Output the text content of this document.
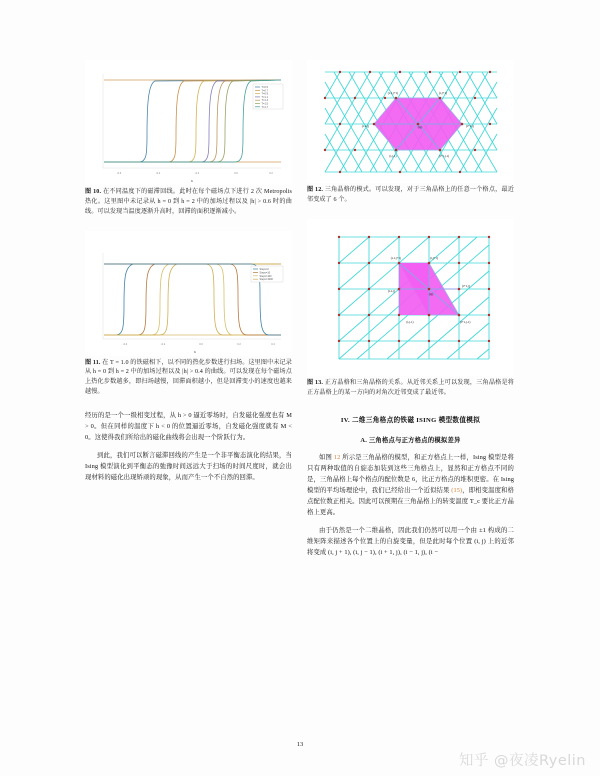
-0.6	-0.4	-0.2	0.0	0.2
h
T=0.5
T=0.7
T=0.9
T=1.1
T=1.3
T=1.5
T=1.7
图 10. 在不同温度下的磁滞回线。此时在每个磁场点下进行 2 次 Metropolis 热化。这里图中未记录从 h = 0 到 h = 2 中的加场过程以及 |h| > 0.6 时的曲线。可以发现当温度逐渐升高时，回滞的面积逐渐减小。
-0.4	-0.2	0.0	0.2	0.4
h
Steps=2
Steps=10
Steps=100
Steps=1000
图 11. 在 T = 1.0 的铁磁相下，以不同的热化步数进行扫场。这里图中未记录从 h = 0 到 h = 2 中的加场过程以及 |h| > 0.4 的曲线。可以发现在每个磁场点上热化步数越多，即扫场越慢，回滞面积越小，但是回滞变小的速度也越来越慢。

经历的是一个一级相变过程，从 h > 0 逼近零场时，自发磁化强度也有 M > 0。但在同样的温度下 h < 0 的位置逼近零场，自发磁化强度就有 M < 0。这使得我们所给出的磁化曲线将会出现一个阶跃行为。

到此，我们可以断言磁滞回线的产生是一个非平衡态演化的结果，当 Ising 模型演化到平衡态的弛豫时间远远大于扫场的时间尺度时，就会出现材料的磁化出现矫顽的现象，从而产生一个不自然的回滞。

(i-1,j+1)	(i,j+1)
(i-1,j)	(i,j)	(i+1,j)
(i,j-1)	(i+1,j-1)
图 12. 三角晶格的模式。可以发现，对于三角晶格上的任意一个格点，最近邻变成了 6 个。
(i-1,j+1)	(i,j+1)
(i-1,j)
(i,j)
(i+1,j)
(i,j-1)	(i+1,j-1)
图 13. 正方晶格和三角晶格的关系。从近邻关系上可以发现，三角晶格是将正方晶格上的某一方向的对角次近邻变成了最近邻。
IV. 二维三角格点的铁磁 ISING 模型数值模拟
A. 三角格点与正方格点的模拟差异

如图 12 所示是三角晶格的模型，和正方格点上一样，Ising 模型是将只有两种取值的自旋态加装到这些三角格点上，显然和正方格点不同的是，三角晶格上每个格点的配位数是 6，比正方格点的堆积更密。在 Ising 模型的平均场理论中，我们已经给出一个近似结果 (15)，即相变温度和格点配位数正相关。因此可以预期在三角晶格上的转变温度 T_c 要比正方晶格上更高。

由于仍然是一个二维晶格，因此我们仍然可以用一个由 ±1 构成的二维矩阵来描述各个位置上的自旋变量，但是此时每个位置 (i, j) 上的近邻将变成 (i, j + 1), (i, j − 1), (i + 1, j), (i − 1, j), (i −

13
知乎 @夜凌Ryelin
